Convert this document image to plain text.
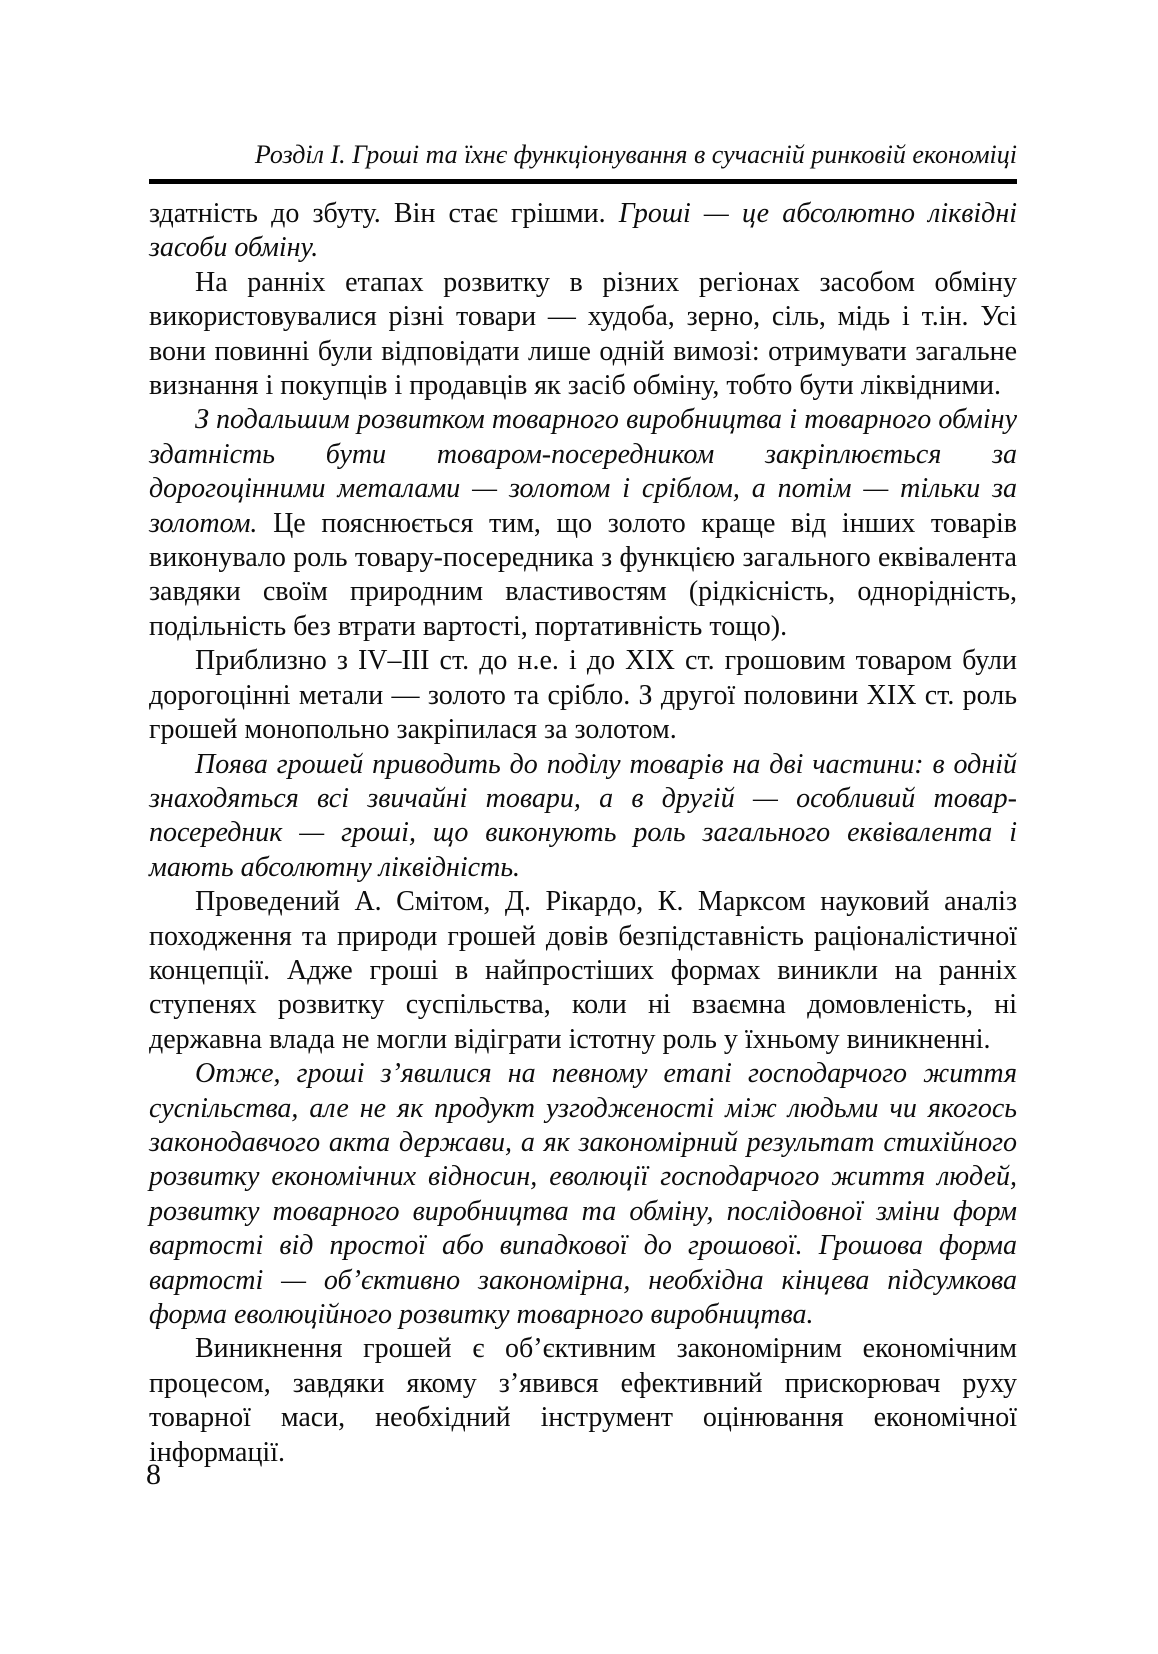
Розділ І. Гроші та їхнє функціонування в сучасній ринковій економіці

здатність до збуту. Він стає грішми. Гроші — це абсолютно ліквідні засоби обміну.

На ранніх етапах розвитку в різних регіонах засобом обміну використовувалися різні товари — худоба, зерно, сіль, мідь і т.ін. Усі вони повинні були відповідати лише одній вимозі: отримувати загальне визнання і покупців і продавців як засіб обміну, тобто бути ліквідними.

З подальшим розвитком товарного виробництва і товарного обміну здатність бути товаром-посередником закріплюється за дорогоцінними металами — золотом і сріблом, а потім — тільки за золотом. Це пояснюється тим, що золото краще від інших товарів виконувало роль товару-посередника з функцією загального еквівалента завдяки своїм природним властивостям (рідкісність, однорідність, подільність без втрати вартості, портативність тощо).

Приблизно з IV–III ст. до н.е. і до XIX ст. грошовим товаром були дорогоцінні метали — золото та срібло. З другої половини XIX ст. роль грошей монопольно закріпилася за золотом.

Поява грошей приводить до поділу товарів на дві частини: в одній знаходяться всі звичайні товари, а в другій — особливий товар-посередник — гроші, що виконують роль загального еквівалента і мають абсолютну ліквідність.

Проведений А. Смітом, Д. Рікардо, К. Марксом науковий аналіз походження та природи грошей довів безпідставність раціоналістичної концепції. Адже гроші в найпростіших формах виникли на ранніх ступенях розвитку суспільства, коли ні взаємна домовленість, ні державна влада не могли відіграти істотну роль у їхньому виникненні.

Отже, гроші з’явилися на певному етапі господарчого життя суспільства, але не як продукт узгодженості між людьми чи якогось законодавчого акта держави, а як закономірний результат стихійного розвитку економічних відносин, еволюції господарчого життя людей, розвитку товарного виробництва та обміну, послідовної зміни форм вартості від простої або випадкової до грошової. Грошова форма вартості — об’єктивно закономірна, необхідна кінцева підсумкова форма еволюційного розвитку товарного виробництва.

Виникнення грошей є об’єктивним закономірним економічним процесом, завдяки якому з’явився ефективний прискорювач руху товарної маси, необхідний інструмент оцінювання економічної інформації.

8
